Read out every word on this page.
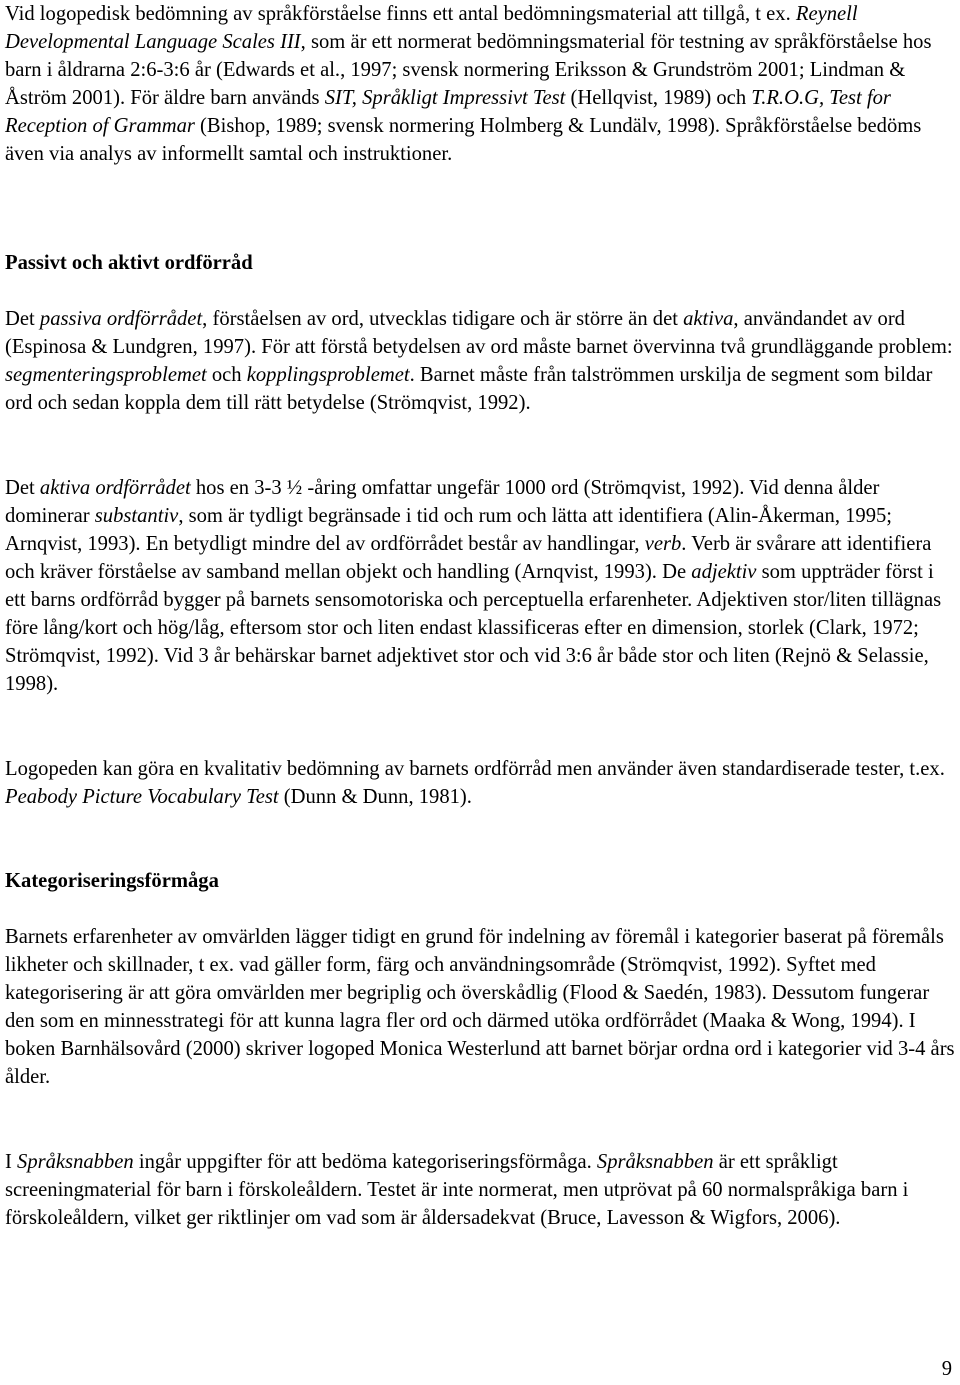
Vid logopedisk bedömning av språkförståelse finns ett antal bedömningsmaterial att tillgå, t ex. Reynell Developmental Language Scales III, som är ett normerat bedömningsmaterial för testning av språkförståelse hos barn i åldrarna 2:6-3:6 år (Edwards et al., 1997; svensk normering Eriksson & Grundström 2001; Lindman & Åström 2001). För äldre barn används SIT, Språkligt Impressivt Test (Hellqvist, 1989) och T.R.O.G, Test for Reception of Grammar (Bishop, 1989; svensk normering Holmberg & Lundälv, 1998). Språkförståelse bedöms även via analys av informellt samtal och instruktioner.

Passivt och aktivt ordförråd

Det passiva ordförrådet, förståelsen av ord, utvecklas tidigare och är större än det aktiva, användandet av ord (Espinosa & Lundgren, 1997). För att förstå betydelsen av ord måste barnet övervinna två grundläggande problem: segmenteringsproblemet och kopplingsproblemet. Barnet måste från talströmmen urskilja de segment som bildar ord och sedan koppla dem till rätt betydelse (Strömqvist, 1992).

Det aktiva ordförrådet hos en 3-3 ½ -åring omfattar ungefär 1000 ord (Strömqvist, 1992). Vid denna ålder dominerar substantiv, som är tydligt begränsade i tid och rum och lätta att identifiera (Alin-Åkerman, 1995; Arnqvist, 1993). En betydligt mindre del av ordförrådet består av handlingar, verb. Verb är svårare att identifiera och kräver förståelse av samband mellan objekt och handling (Arnqvist, 1993). De adjektiv som uppträder först i ett barns ordförråd bygger på barnets sensomotoriska och perceptuella erfarenheter. Adjektiven stor/liten tillägnas före lång/kort och hög/låg, eftersom stor och liten endast klassificeras efter en dimension, storlek (Clark, 1972; Strömqvist, 1992). Vid 3 år behärskar barnet adjektivet stor och vid 3:6 år både stor och liten (Rejnö & Selassie, 1998).

Logopeden kan göra en kvalitativ bedömning av barnets ordförråd men använder även standardiserade tester, t.ex. Peabody Picture Vocabulary Test (Dunn & Dunn, 1981).

Kategoriseringsförmåga

Barnets erfarenheter av omvärlden lägger tidigt en grund för indelning av föremål i kategorier baserat på föremåls likheter och skillnader, t ex. vad gäller form, färg och användningsområde (Strömqvist, 1992). Syftet med kategorisering är att göra omvärlden mer begriplig och överskådlig (Flood & Saedén, 1983). Dessutom fungerar den som en minnesstrategi för att kunna lagra fler ord och därmed utöka ordförrådet (Maaka & Wong, 1994). I boken Barnhälsovård (2000) skriver logoped Monica Westerlund att barnet börjar ordna ord i kategorier vid 3-4 års ålder.

I Språksnabben ingår uppgifter för att bedöma kategoriseringsförmåga. Språksnabben är ett språkligt screeningmaterial för barn i förskoleåldern. Testet är inte normerat, men utprövat på 60 normalspråkiga barn i förskoleåldern, vilket ger riktlinjer om vad som är åldersadekvat (Bruce, Lavesson & Wigfors, 2006).

9
